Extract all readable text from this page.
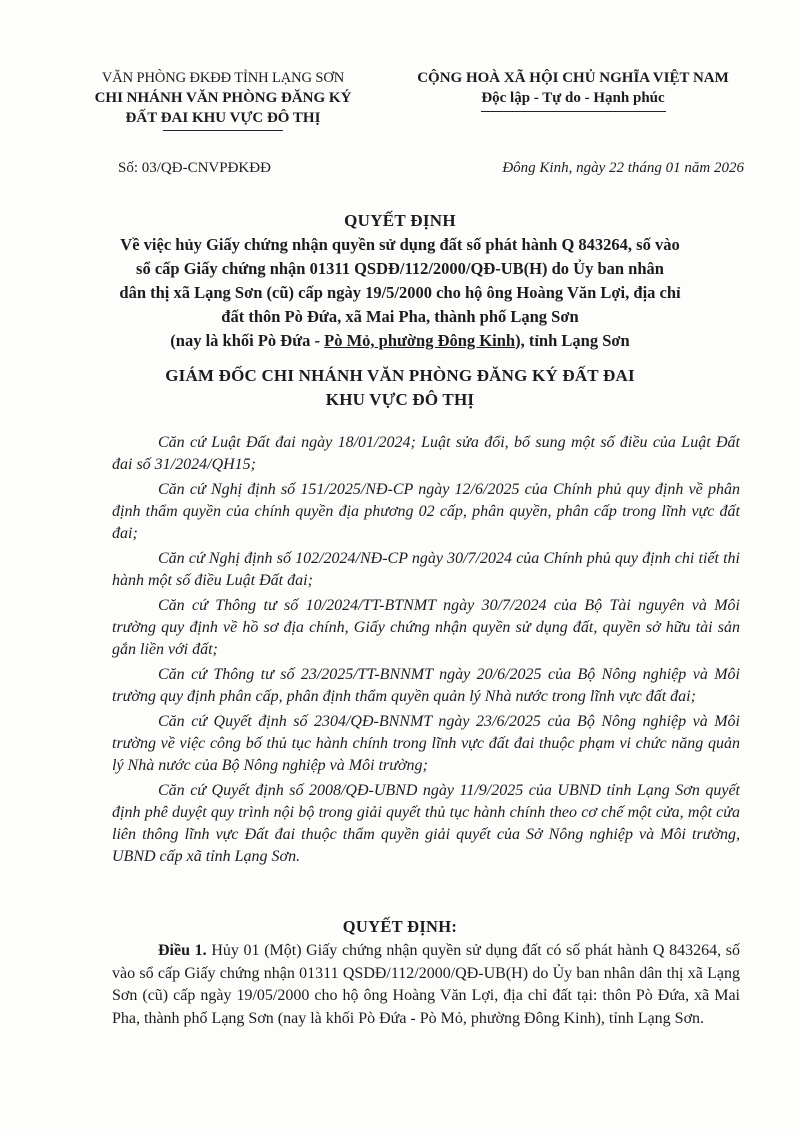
VĂN PHÒNG ĐKĐĐ TỈNH LẠNG SƠN
CHI NHÁNH VĂN PHÒNG ĐĂNG KÝ
ĐẤT ĐAI KHU VỰC ĐÔ THỊ
CỘNG HOÀ XÃ HỘI CHỦ NGHĨA VIỆT NAM
Độc lập - Tự do - Hạnh phúc
Số: 03/QĐ-CNVPĐKĐĐ	Đông Kinh, ngày 22 tháng 01 năm 2026
QUYẾT ĐỊNH
Về việc hủy Giấy chứng nhận quyền sử dụng đất số phát hành Q 843264, số vào
sổ cấp Giấy chứng nhận 01311 QSDĐ/112/2000/QĐ-UB(H) do Ủy ban nhân
dân thị xã Lạng Sơn (cũ) cấp ngày 19/5/2000 cho hộ ông Hoàng Văn Lợi, địa chỉ
đất thôn Pò Đứa, xã Mai Pha, thành phố Lạng Sơn
(nay là khối Pò Đứa - Pò Mỏ, phường Đông Kinh), tỉnh Lạng Sơn
GIÁM ĐỐC CHI NHÁNH VĂN PHÒNG ĐĂNG KÝ ĐẤT ĐAI
KHU VỰC ĐÔ THỊ

Căn cứ Luật Đất đai ngày 18/01/2024; Luật sửa đổi, bổ sung một số điều của Luật Đất đai số 31/2024/QH15;

Căn cứ Nghị định số 151/2025/NĐ-CP ngày 12/6/2025 của Chính phủ quy định về phân định thẩm quyền của chính quyền địa phương 02 cấp, phân quyền, phân cấp trong lĩnh vực đất đai;

Căn cứ Nghị định số 102/2024/NĐ-CP ngày 30/7/2024 của Chính phủ quy định chi tiết thi hành một số điều Luật Đất đai;

Căn cứ Thông tư số 10/2024/TT-BTNMT ngày 30/7/2024 của Bộ Tài nguyên và Môi trường quy định về hồ sơ địa chính, Giấy chứng nhận quyền sử dụng đất, quyền sở hữu tài sản gắn liền với đất;

Căn cứ Thông tư số 23/2025/TT-BNNMT ngày 20/6/2025 của Bộ Nông nghiệp và Môi trường quy định phân cấp, phân định thẩm quyền quản lý Nhà nước trong lĩnh vực đất đai;

Căn cứ Quyết định số 2304/QĐ-BNNMT ngày 23/6/2025 của Bộ Nông nghiệp và Môi trường về việc công bố thủ tục hành chính trong lĩnh vực đất đai thuộc phạm vi chức năng quản lý Nhà nước của Bộ Nông nghiệp và Môi trường;

Căn cứ Quyết định số 2008/QĐ-UBND ngày 11/9/2025 của UBND tỉnh Lạng Sơn quyết định phê duyệt quy trình nội bộ trong giải quyết thủ tục hành chính theo cơ chế một cửa, một cửa liên thông lĩnh vực Đất đai thuộc thẩm quyền giải quyết của Sở Nông nghiệp và Môi trường, UBND cấp xã tỉnh Lạng Sơn.

QUYẾT ĐỊNH:

Điều 1. Hủy 01 (Một) Giấy chứng nhận quyền sử dụng đất có số phát hành Q 843264, số vào sổ cấp Giấy chứng nhận 01311 QSDĐ/112/2000/QĐ-UB(H) do Ủy ban nhân dân thị xã Lạng Sơn (cũ) cấp ngày 19/05/2000 cho hộ ông Hoàng Văn Lợi, địa chỉ đất tại: thôn Pò Đứa, xã Mai Pha, thành phố Lạng Sơn (nay là khối Pò Đứa - Pò Mỏ, phường Đông Kinh), tỉnh Lạng Sơn.
